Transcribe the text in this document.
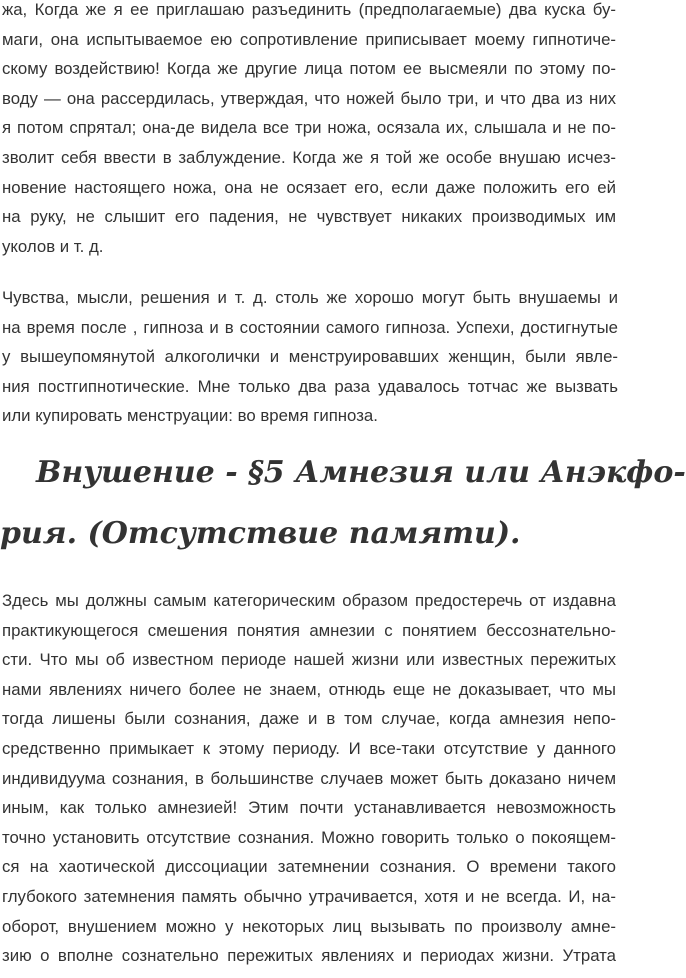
жа, Когда же я ее приглашаю разъединить (предполагаемые) два куска бу-
маги, она испытываемое ею сопротивление приписывает моему гипнотиче-
скому воздействию! Когда же другие лица потом ее высмеяли по этому по-
воду — она рассердилась, утверждая, что ножей было три, и что два из них
я потом спрятал; она-де видела все три ножа, осязала их, слышала и не по-
зволит себя ввести в заблуждение. Когда же я той же особе внушаю исчез-
новение настоящего ножа, она не осязает его, если даже положить его ей
на руку, не слышит его падения, не чувствует никаких производимых им
уколов и т. д.
Чувства, мысли, решения и т. д. столь же хорошо могут быть внушаемы и
на время после , гипноза и в состоянии самого гипноза. Успехи, достигнутые
у вышеупомянутой алкоголички и менструировавших женщин, были явле-
ния постгипнотические. Мне только два раза удавалось тотчас же вызвать
или купировать менструации: во время гипноза.
Внушение - §5 Амнезия или Анэкфо-
рия. (Отсутствие памяти).
Здесь мы должны самым категорическим образом предостеречь от издавна
практикующегося смешения понятия амнезии с понятием бессознательно-
сти. Что мы об известном периоде нашей жизни или известных пережитых
нами явлениях ничего более не знаем, отнюдь еще не доказывает, что мы
тогда лишены были сознания, даже и в том случае, когда амнезия непо-
средственно примыкает к этому периоду. И все-таки отсутствие у данного
индивидуума сознания, в большинстве случаев может быть доказано ничем
иным, как только амнезией! Этим почти устанавливается невозможность
точно установить отсутствие сознания. Можно говорить только о покоящем-
ся на хаотической диссоциации затемнении сознания. О времени такого
глубокого затемнения память обычно утрачивается, хотя и не всегда. И, на-
оборот, внушением можно у некоторых лиц вызывать по произволу амне-
зию о вполне сознательно пережитых явлениях и периодах жизни. Утрата
